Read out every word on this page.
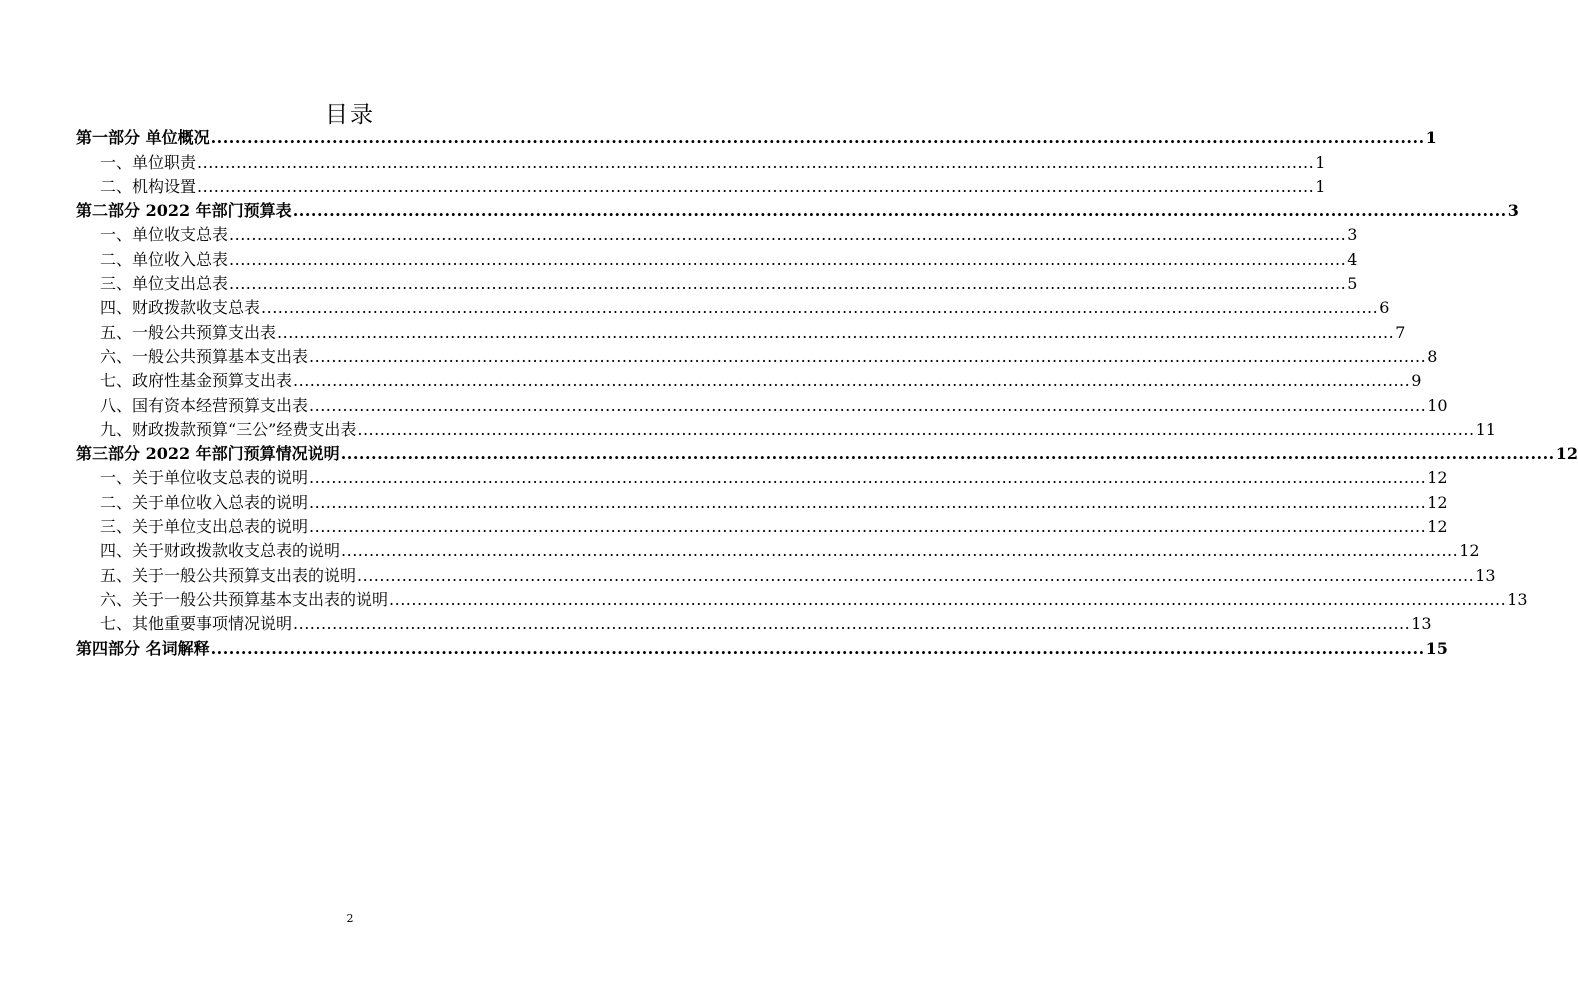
目录
第一部分 单位概况 ........................................................................................................................................................................................................ 1
一、单位职责 ........................................................................................................................................................................................................ 1
二、机构设置 ........................................................................................................................................................................................................ 1
第二部分 2022 年部门预算表 ........................................................................................................................................................................................................ 3
一、单位收支总表 ........................................................................................................................................................................................................ 3
二、单位收入总表 ........................................................................................................................................................................................................ 4
三、单位支出总表 ........................................................................................................................................................................................................ 5
四、财政拨款收支总表 ........................................................................................................................................................................................................ 6
五、一般公共预算支出表 ........................................................................................................................................................................................................ 7
六、一般公共预算基本支出表 ........................................................................................................................................................................................................ 8
七、政府性基金预算支出表 ........................................................................................................................................................................................................ 9
八、国有资本经营预算支出表 ........................................................................................................................................................................................................ 10
九、财政拨款预算“三公”经费支出表 ........................................................................................................................................................................................................ 11
第三部分 2022 年部门预算情况说明 ........................................................................................................................................................................................................ 12
一、关于单位收支总表的说明 ........................................................................................................................................................................................................ 12
二、关于单位收入总表的说明 ........................................................................................................................................................................................................ 12
三、关于单位支出总表的说明 ........................................................................................................................................................................................................ 12
四、关于财政拨款收支总表的说明 ........................................................................................................................................................................................................ 12
五、关于一般公共预算支出表的说明 ........................................................................................................................................................................................................ 13
六、关于一般公共预算基本支出表的说明 ........................................................................................................................................................................................................ 13
七、其他重要事项情况说明 ........................................................................................................................................................................................................ 13
第四部分 名词解释 ........................................................................................................................................................................................................ 15
2
